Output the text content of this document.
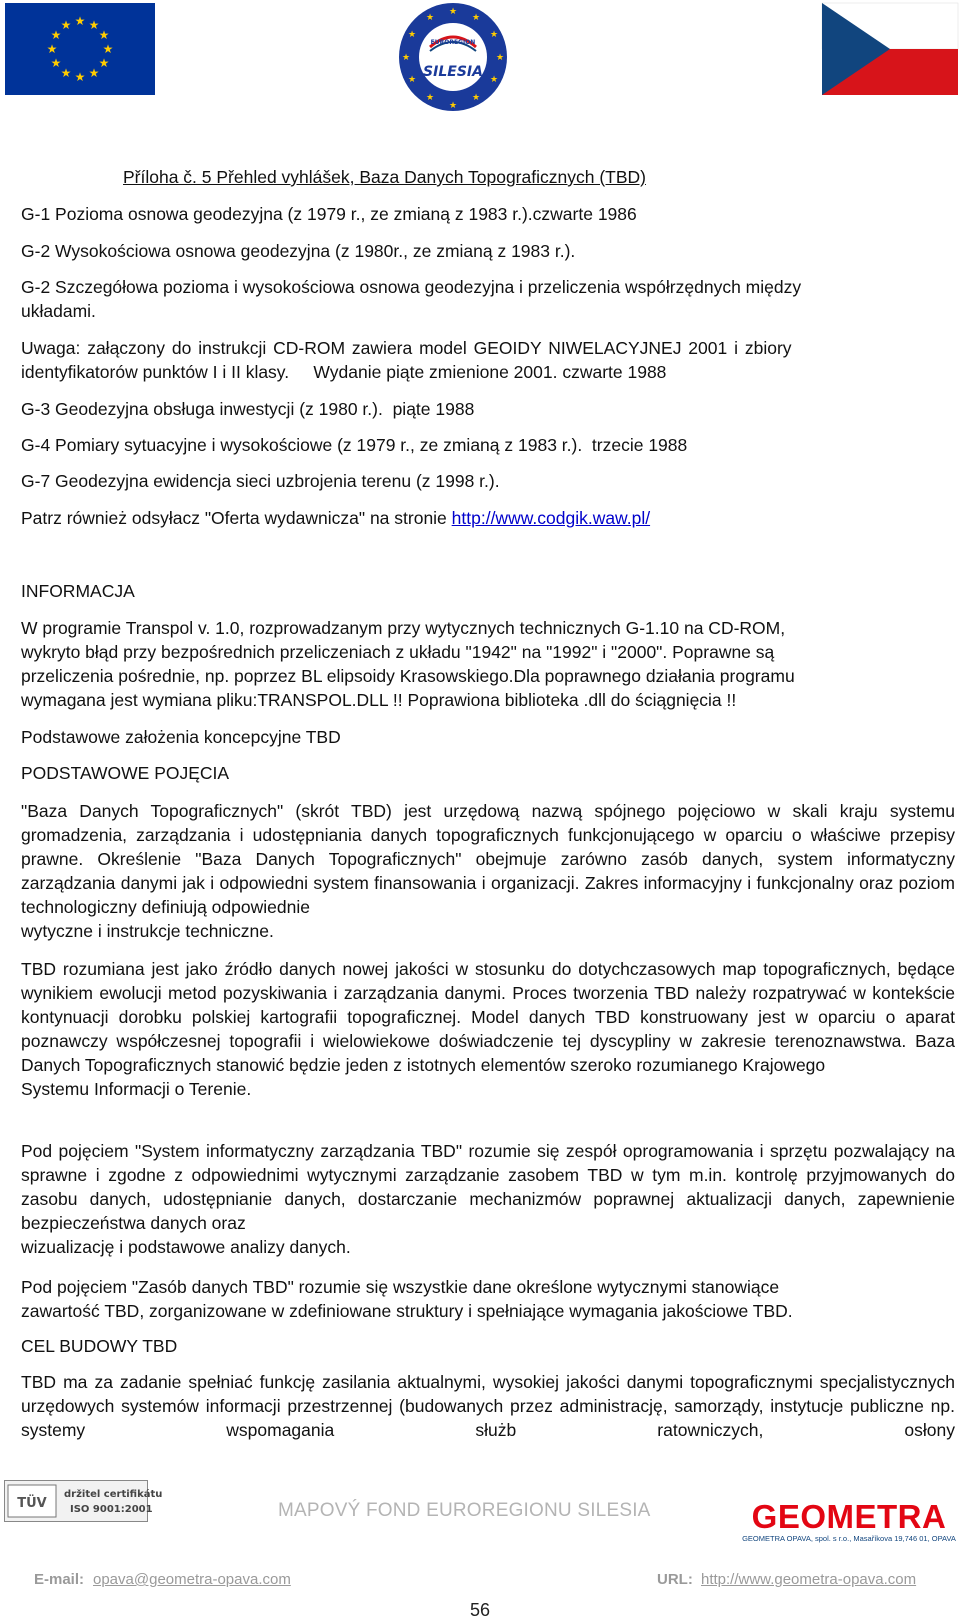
★ ★
★
★
★
★
★
★
★
★
★
★
★
★
★
★
★
★
★
★
★
★
★
★
EUROREGION
SILESIA
Příloha č. 5 Přehled vyhlášek, Baza Danych Topograficznych (TBD)
G-1 Pozioma osnowa geodezyjna (z 1979 r., ze zmianą z 1983 r.).czwarte 1986
G-2 Wysokościowa osnowa geodezyjna (z 1980r., ze zmianą z 1983 r.).
G-2 Szczegółowa pozioma i wysokościowa osnowa geodezyjna i przeliczenia współrzędnych między
układami.
Uwaga: załączony do instrukcji CD-ROM zawiera model GEOIDY NIWELACYJNEJ 2001 i zbiory
identyfikatorów punktów I i II klasy.     Wydanie piąte zmienione 2001. czwarte 1988
G-3 Geodezyjna obsługa inwestycji (z 1980 r.).  piąte 1988
G-4 Pomiary sytuacyjne i wysokościowe (z 1979 r., ze zmianą z 1983 r.).  trzecie 1988
G-7 Geodezyjna ewidencja sieci uzbrojenia terenu (z 1998 r.).
Patrz również odsyłacz "Oferta wydawnicza" na stronie http://www.codgik.waw.pl/
INFORMACJA
W programie Transpol v. 1.0, rozprowadzanym przy wytycznych technicznych G-1.10 na CD-ROM,
wykryto błąd przy bezpośrednich przeliczeniach z układu "1942" na "1992" i "2000". Poprawne są
przeliczenia pośrednie, np. poprzez BL elipsoidy Krasowskiego.Dla poprawnego działania programu
wymagana jest wymiana pliku:TRANSPOL.DLL !! Poprawiona biblioteka .dll do ściągnięcia !!
Podstawowe założenia koncepcyjne TBD
PODSTAWOWE POJĘCIA
"Baza Danych Topograficznych" (skrót TBD) jest urzędową nazwą spójnego pojęciowo w skali kraju systemu gromadzenia, zarządzania i udostępniania danych topograficznych funkcjonującego w oparciu o właściwe przepisy prawne. Określenie "Baza Danych Topograficznych" obejmuje zarówno zasób danych, system informatyczny zarządzania danymi jak i odpowiedni system finansowania i organizacji. Zakres informacyjny i funkcjonalny oraz poziom technologiczny definiują odpowiednie
wytyczne i instrukcje techniczne.
TBD rozumiana jest jako źródło danych nowej jakości w stosunku do dotychczasowych map topograficznych, będące wynikiem ewolucji metod pozyskiwania i zarządzania danymi. Proces tworzenia TBD należy rozpatrywać w kontekście kontynuacji dorobku polskiej kartografii topograficznej. Model danych TBD konstruowany jest w oparciu o aparat poznawczy współczesnej topografii i wielowiekowe doświadczenie tej dyscypliny w zakresie terenoznawstwa. Baza Danych Topograficznych stanowić będzie jeden z istotnych elementów szeroko rozumianego Krajowego
Systemu Informacji o Terenie.
Pod pojęciem "System informatyczny zarządzania TBD" rozumie się zespół oprogramowania i sprzętu pozwalający na sprawne i zgodne z odpowiednimi wytycznymi zarządzanie zasobem TBD w tym m.in. kontrolę przyjmowanych do zasobu danych, udostępnianie danych, dostarczanie mechanizmów poprawnej aktualizacji danych, zapewnienie bezpieczeństwa danych oraz
wizualizację i podstawowe analizy danych.
Pod pojęciem "Zasób danych TBD" rozumie się wszystkie dane określone wytycznymi stanowiące
zawartość TBD, zorganizowane w zdefiniowane struktury i spełniające wymagania jakościowe TBD.
CEL BUDOWY TBD
TBD ma za zadanie spełniać funkcję zasilania aktualnymi, wysokiej jakości danymi topograficznymi specjalistycznych urzędowych systemów informacji przestrzennej (budowanych przez administrację, samorządy, instytucje publiczne np. systemy wspomagania służb ratowniczych, osłony
TÜV
držitel certifikátu
ISO 9001:2001	MAPOVÝ FOND EUROREGIONU SILESIA	GEOMETRA
GEOMETRA OPAVA, spol. s r.o., Masaříkova 19,746 01, OPAVA
E-mail: opava@geometra-opava.com	URL: http://www.geometra-opava.com
56
